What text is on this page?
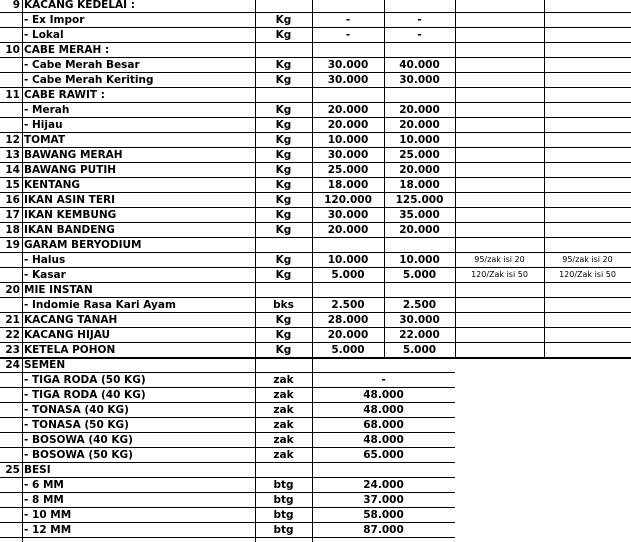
9 KACANG KEDELAI :
- Ex Impor	Kg	-	-
- Lokal	Kg	-	-
10 CABE MERAH :
- Cabe Merah Besar	Kg	30.000	40.000
- Cabe Merah Keriting	Kg	30.000	30.000
11 CABE RAWIT :
- Merah	Kg	20.000	20.000
- Hijau	Kg	20.000	20.000
12 TOMAT	Kg	10.000	10.000
13 BAWANG MERAH	Kg	30.000	25.000
14 BAWANG PUTIH	Kg	25.000	20.000
15 KENTANG	Kg	18.000	18.000
16 IKAN ASIN TERI	Kg	120.000	125.000
17 IKAN KEMBUNG	Kg	30.000	35.000
18 IKAN BANDENG	Kg	20.000	20.000
19 GARAM BERYODIUM
- Halus	Kg	10.000	10.000	95/zak isi 20	95/zak isi 20
- Kasar	Kg	5.000	5.000	120/Zak isi 50	120/Zak isi 50
20 MIE INSTAN
- Indomie Rasa Kari Ayam	bks	2.500	2.500
21 KACANG TANAH	Kg	28.000	30.000
22 KACANG HIJAU	Kg	20.000	22.000
23 KETELA POHON	Kg	5.000	5.000
24 SEMEN
- TIGA RODA (50 KG)	zak	-
- TIGA RODA (40 KG)	zak	48.000
- TONASA (40 KG)	zak	48.000
- TONASA (50 KG)	zak	68.000
- BOSOWA (40 KG)	zak	48.000
- BOSOWA (50 KG)	zak	65.000
25 BESI
- 6 MM	btg	24.000
- 8 MM	btg	37.000
- 10 MM	btg	58.000
- 12 MM	btg	87.000
